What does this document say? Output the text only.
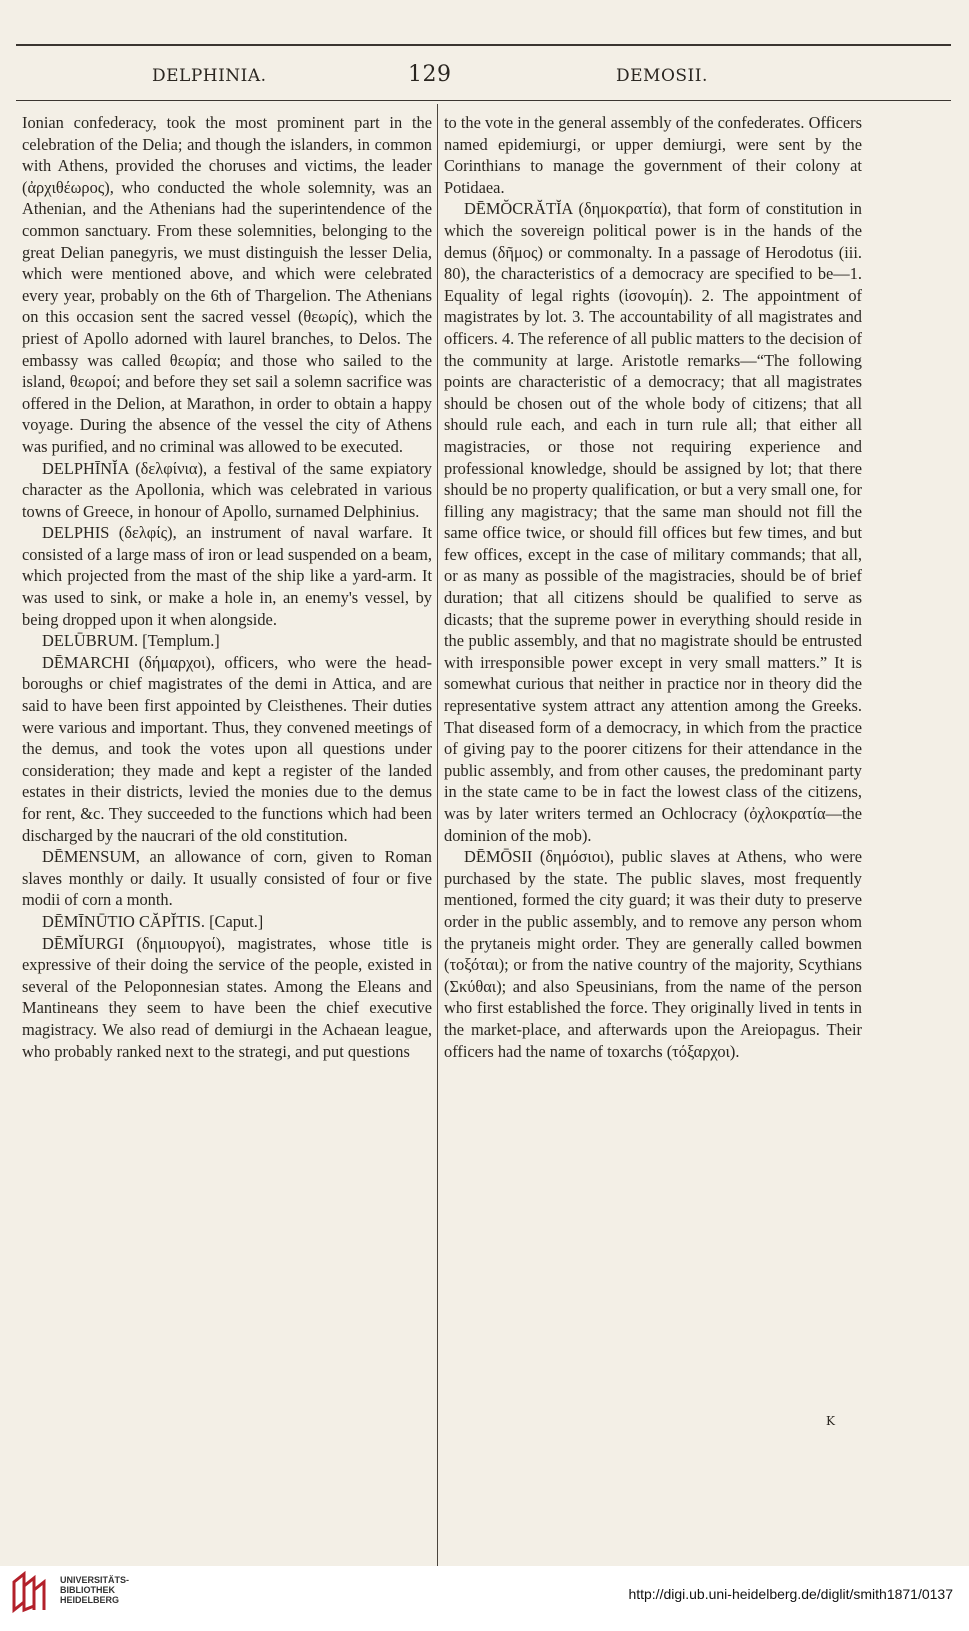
DELPHINIA.	129	DEMOSII.

Ionian confederacy, took the most prominent part in the celebration of the Delia; and though the islanders, in common with Athens, provided the choruses and victims, the leader (ἀρχιθέωρος), who conducted the whole solemnity, was an Athenian, and the Athenians had the superintendence of the common sanctuary. From these solemnities, belonging to the great Delian panegyris, we must distinguish the lesser Delia, which were mentioned above, and which were celebrated every year, probably on the 6th of Thargelion. The Athenians on this occasion sent the sacred vessel (θεωρίς), which the priest of Apollo adorned with laurel branches, to Delos. The embassy was called θεωρία; and those who sailed to the island, θεωροί; and before they set sail a solemn sacrifice was offered in the Delion, at Marathon, in order to obtain a happy voyage. During the absence of the vessel the city of Athens was purified, and no criminal was allowed to be executed.

DELPHĪNĬA (δελφίνια), a festival of the same expiatory character as the Apollonia, which was celebrated in various towns of Greece, in honour of Apollo, surnamed Delphinius.

DELPHIS (δελφίς), an instrument of naval warfare. It consisted of a large mass of iron or lead suspended on a beam, which projected from the mast of the ship like a yard-arm. It was used to sink, or make a hole in, an enemy's vessel, by being dropped upon it when alongside.

DELŪBRUM. [Templum.]

DĒMARCHI (δήμαρχοι), officers, who were the head-boroughs or chief magistrates of the demi in Attica, and are said to have been first appointed by Cleisthenes. Their duties were various and important. Thus, they convened meetings of the demus, and took the votes upon all questions under consideration; they made and kept a register of the landed estates in their districts, levied the monies due to the demus for rent, &c. They succeeded to the functions which had been discharged by the naucrari of the old constitution.

DĒMENSUM, an allowance of corn, given to Roman slaves monthly or daily. It usually consisted of four or five modii of corn a month.

DĒMĪNŪTIO CĂPĬTIS. [Caput.]

DĒMĬURGI (δημιουργοί), magistrates, whose title is expressive of their doing the service of the people, existed in several of the Peloponnesian states. Among the Eleans and Mantineans they seem to have been the chief executive magistracy. We also read of demiurgi in the Achaean league, who probably ranked next to the strategi, and put questions

to the vote in the general assembly of the confederates. Officers named epidemiurgi, or upper demiurgi, were sent by the Corinthians to manage the government of their colony at Potidaea.

DĒMŎCRĂTĬA (δημοκρατία), that form of constitution in which the sovereign political power is in the hands of the demus (δῆμος) or commonalty. In a passage of Herodotus (iii. 80), the characteristics of a democracy are specified to be—1. Equality of legal rights (ἰσονομίη). 2. The appointment of magistrates by lot. 3. The accountability of all magistrates and officers. 4. The reference of all public matters to the decision of the community at large. Aristotle remarks—“The following points are characteristic of a democracy; that all magistrates should be chosen out of the whole body of citizens; that all should rule each, and each in turn rule all; that either all magistracies, or those not requiring experience and professional knowledge, should be assigned by lot; that there should be no property qualification, or but a very small one, for filling any magistracy; that the same man should not fill the same office twice, or should fill offices but few times, and but few offices, except in the case of military commands; that all, or as many as possible of the magistracies, should be of brief duration; that all citizens should be qualified to serve as dicasts; that the supreme power in everything should reside in the public assembly, and that no magistrate should be entrusted with irresponsible power except in very small matters.” It is somewhat curious that neither in practice nor in theory did the representative system attract any attention among the Greeks. That diseased form of a democracy, in which from the practice of giving pay to the poorer citizens for their attendance in the public assembly, and from other causes, the predominant party in the state came to be in fact the lowest class of the citizens, was by later writers termed an Ochlocracy (ὀχλοκρατία—the dominion of the mob).

DĒMŌSII (δημόσιοι), public slaves at Athens, who were purchased by the state. The public slaves, most frequently mentioned, formed the city guard; it was their duty to preserve order in the public assembly, and to remove any person whom the prytaneis might order. They are generally called bowmen (τοξόται); or from the native country of the majority, Scythians (Σκύθαι); and also Speusinians, from the name of the person who first established the force. They originally lived in tents in the market-place, and afterwards upon the Areiopagus. Their officers had the name of toxarchs (τόξαρχοι).

K
UNIVERSITÄTS-
BIBLIOTHEK
HEIDELBERG	http://digi.ub.uni-heidelberg.de/diglit/smith1871/0137
